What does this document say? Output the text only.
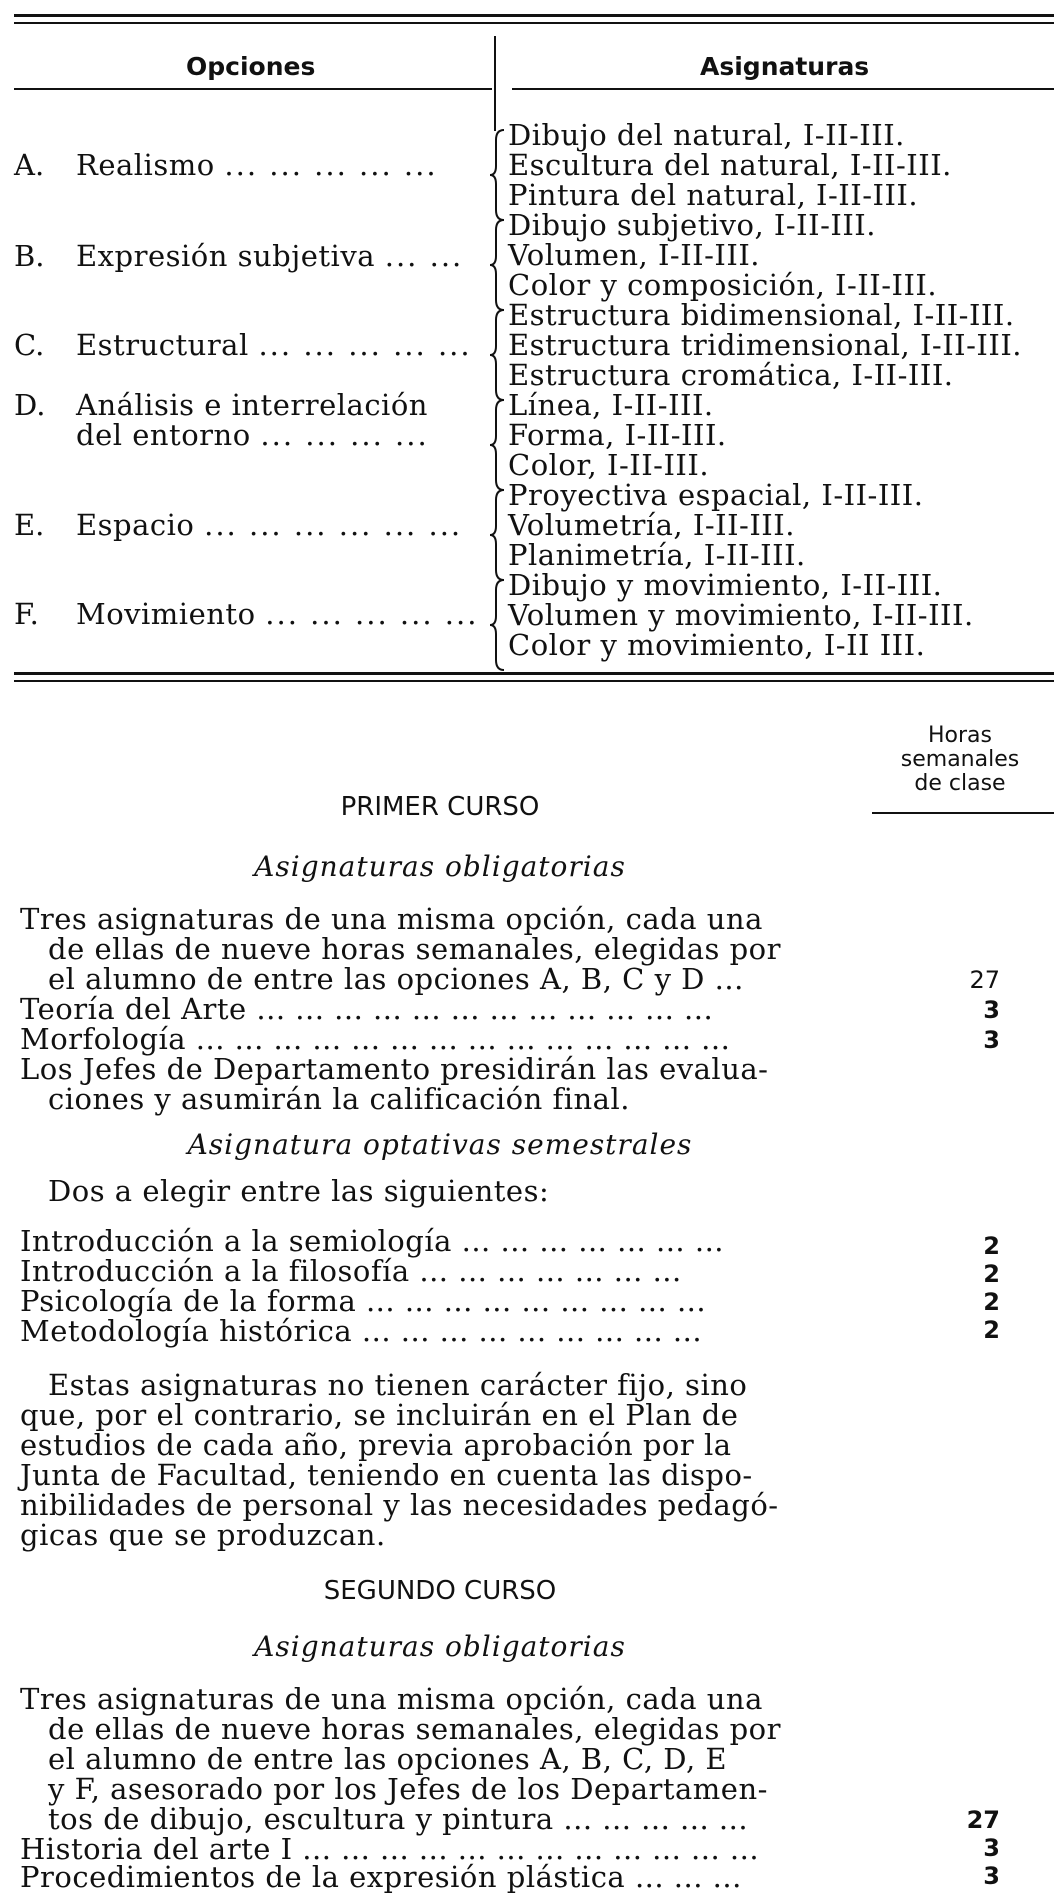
Opciones	Asignaturas
A. Realismo ... ... ... ... ...
Dibujo del natural, I-II-III.
Escultura del natural, I-II-III.
Pintura del natural, I-II-III.
B. Expresión subjetiva ... ...
Dibujo subjetivo, I-II-III.
Volumen, I-II-III.
Color y composición, I-II-III.
C. Estructural ... ... ... ... ...
Estructura bidimensional, I-II-III.
Estructura tridimensional, I-II-III.
Estructura cromática, I-II-III.
D. Análisis e interrelación
del entorno ... ... ... ...
Línea, I-II-III.
Forma, I-II-III.
Color, I-II-III.
E. Espacio ... ... ... ... ... ...
Proyectiva espacial, I-II-III.
Volumetría, I-II-III.
Planimetría, I-II-III.
F. Movimiento ... ... ... ... ...
Dibujo y movimiento, I-II-III.
Volumen y movimiento, I-II-III.
Color y movimiento, I-II III.
Horas
semanales
de clase
PRIMER CURSO
Asignaturas obligatorias
Tres asignaturas de una misma opción, cada una
de ellas de nueve horas semanales, elegidas por
el alumno de entre las opciones A, B, C y D ...	27
Teoría del Arte ... ... ... ... ... ... ... ... ... ... ... ...	3
Morfología ... ... ... ... ... ... ... ... ... ... ... ... ... ...	3
Los Jefes de Departamento presidirán las evalua-
ciones y asumirán la calificación final.
Asignatura optativas semestrales
Dos a elegir entre las siguientes:
Introducción a la semiología ... ... ... ... ... ... ...	2
Introducción a la filosofía ... ... ... ... ... ... ...	2
Psicología de la forma ... ... ... ... ... ... ... ... ...	2
Metodología histórica ... ... ... ... ... ... ... ... ...	2
Estas asignaturas no tienen carácter fijo, sino
que, por el contrario, se incluirán en el Plan de
estudios de cada año, previa aprobación por la
Junta de Facultad, teniendo en cuenta las dispo-
nibilidades de personal y las necesidades pedagó-
gicas que se produzcan.
SEGUNDO CURSO
Asignaturas obligatorias
Tres asignaturas de una misma opción, cada una
de ellas de nueve horas semanales, elegidas por
el alumno de entre las opciones A, B, C, D, E
y F, asesorado por los Jefes de los Departamen-
tos de dibujo, escultura y pintura ... ... ... ... ...	27
Historia del arte I ... ... ... ... ... ... ... ... ... ... ... ...	3
Procedimientos de la expresión plástica ... ... ...	3
